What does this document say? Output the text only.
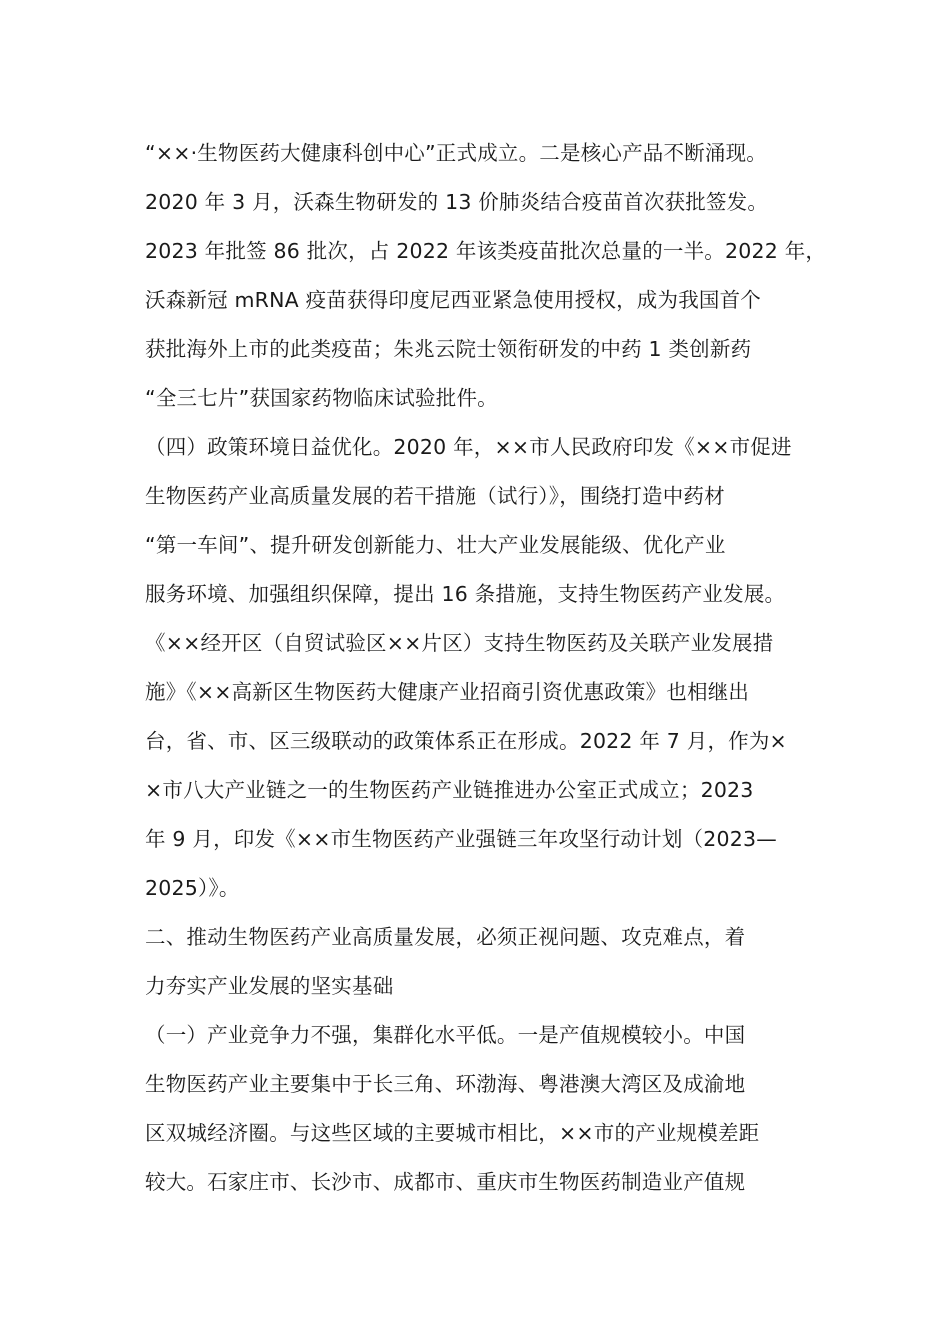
“××·生物医药大健康科创中心”正式成立。二是核心产品不断涌现。
2020 年 3 月，沃森生物研发的 13 价肺炎结合疫苗首次获批签发。
2023 年批签 86 批次，占 2022 年该类疫苗批次总量的一半。2022 年，
沃森新冠 mRNA 疫苗获得印度尼西亚紧急使用授权，成为我国首个
获批海外上市的此类疫苗；朱兆云院士领衔研发的中药 1 类创新药
“全三七片”获国家药物临床试验批件。
（四）政策环境日益优化。2020 年，××市人民政府印发《××市促进
生物医药产业高质量发展的若干措施（试行）》，围绕打造中药材
“第一车间”、提升研发创新能力、壮大产业发展能级、优化产业
服务环境、加强组织保障，提出 16 条措施，支持生物医药产业发展。
《××经开区（自贸试验区××片区）支持生物医药及关联产业发展措
施》《××高新区生物医药大健康产业招商引资优惠政策》也相继出
台，省、市、区三级联动的政策体系正在形成。2022 年 7 月，作为×
×市八大产业链之一的生物医药产业链推进办公室正式成立；2023
年 9 月，印发《××市生物医药产业强链三年攻坚行动计划（2023—
2025）》。
二、推动生物医药产业高质量发展，必须正视问题、攻克难点，着
力夯实产业发展的坚实基础
（一）产业竞争力不强，集群化水平低。一是产值规模较小。中国
生物医药产业主要集中于长三角、环渤海、粤港澳大湾区及成渝地
区双城经济圈。与这些区域的主要城市相比，××市的产业规模差距
较大。石家庄市、长沙市、成都市、重庆市生物医药制造业产值规
